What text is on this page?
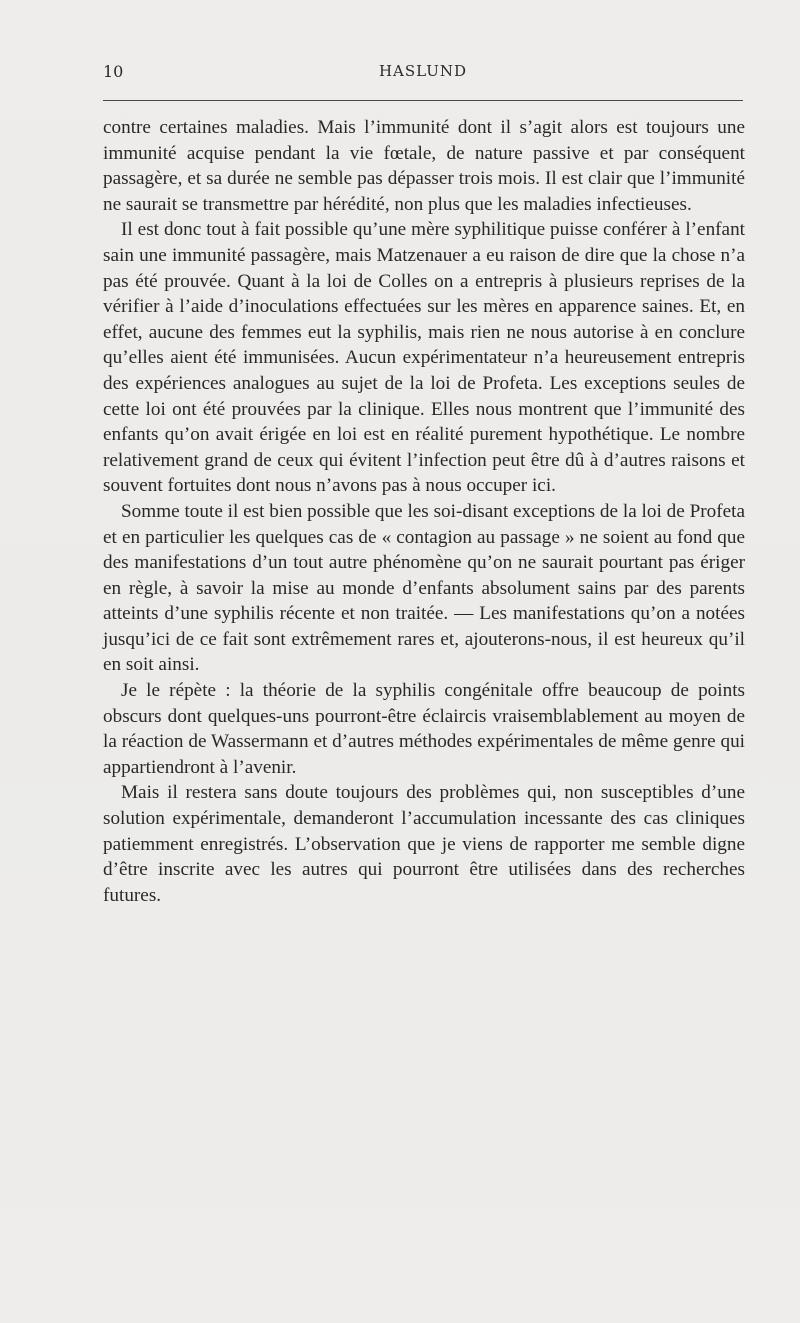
10	HASLUND

contre certaines maladies. Mais l’immunité dont il s’agit alors est toujours une immunité acquise pendant la vie fœtale, de nature passive et par conséquent passagère, et sa durée ne semble pas dépasser trois mois. Il est clair que l’immunité ne saurait se transmettre par hérédité, non plus que les maladies infectieuses.

Il est donc tout à fait possible qu’une mère syphilitique puisse conférer à l’enfant sain une immunité passagère, mais Matzenauer a eu raison de dire que la chose n’a pas été prouvée. Quant à la loi de Colles on a entrepris à plusieurs reprises de la vérifier à l’aide d’inoculations effectuées sur les mères en apparence saines. Et, en effet, aucune des femmes eut la syphilis, mais rien ne nous autorise à en conclure qu’elles aient été immunisées. Aucun expérimentateur n’a heureusement entrepris des expériences analogues au sujet de la loi de Profeta. Les exceptions seules de cette loi ont été prouvées par la clinique. Elles nous montrent que l’immunité des enfants qu’on avait érigée en loi est en réalité purement hypothétique. Le nombre relativement grand de ceux qui évitent l’infection peut être dû à d’autres raisons et souvent fortuites dont nous n’avons pas à nous occuper ici.

Somme toute il est bien possible que les soi-disant exceptions de la loi de Profeta et en particulier les quelques cas de « contagion au passage » ne soient au fond que des manifestations d’un tout autre phénomène qu’on ne saurait pourtant pas ériger en règle, à savoir la mise au monde d’enfants absolument sains par des parents atteints d’une syphilis récente et non traitée. — Les manifestations qu’on a notées jusqu’ici de ce fait sont extrêmement rares et, ajouterons-nous, il est heureux qu’il en soit ainsi.

Je le répète : la théorie de la syphilis congénitale offre beaucoup de points obscurs dont quelques-uns pourront-être éclaircis vraisemblablement au moyen de la réaction de Wassermann et d’autres méthodes expérimentales de même genre qui appartiendront à l’avenir.

Mais il restera sans doute toujours des problèmes qui, non susceptibles d’une solution expérimentale, demanderont l’accumulation incessante des cas cliniques patiemment enregistrés. L’observation que je viens de rapporter me semble digne d’être inscrite avec les autres qui pourront être utilisées dans des recherches futures.
